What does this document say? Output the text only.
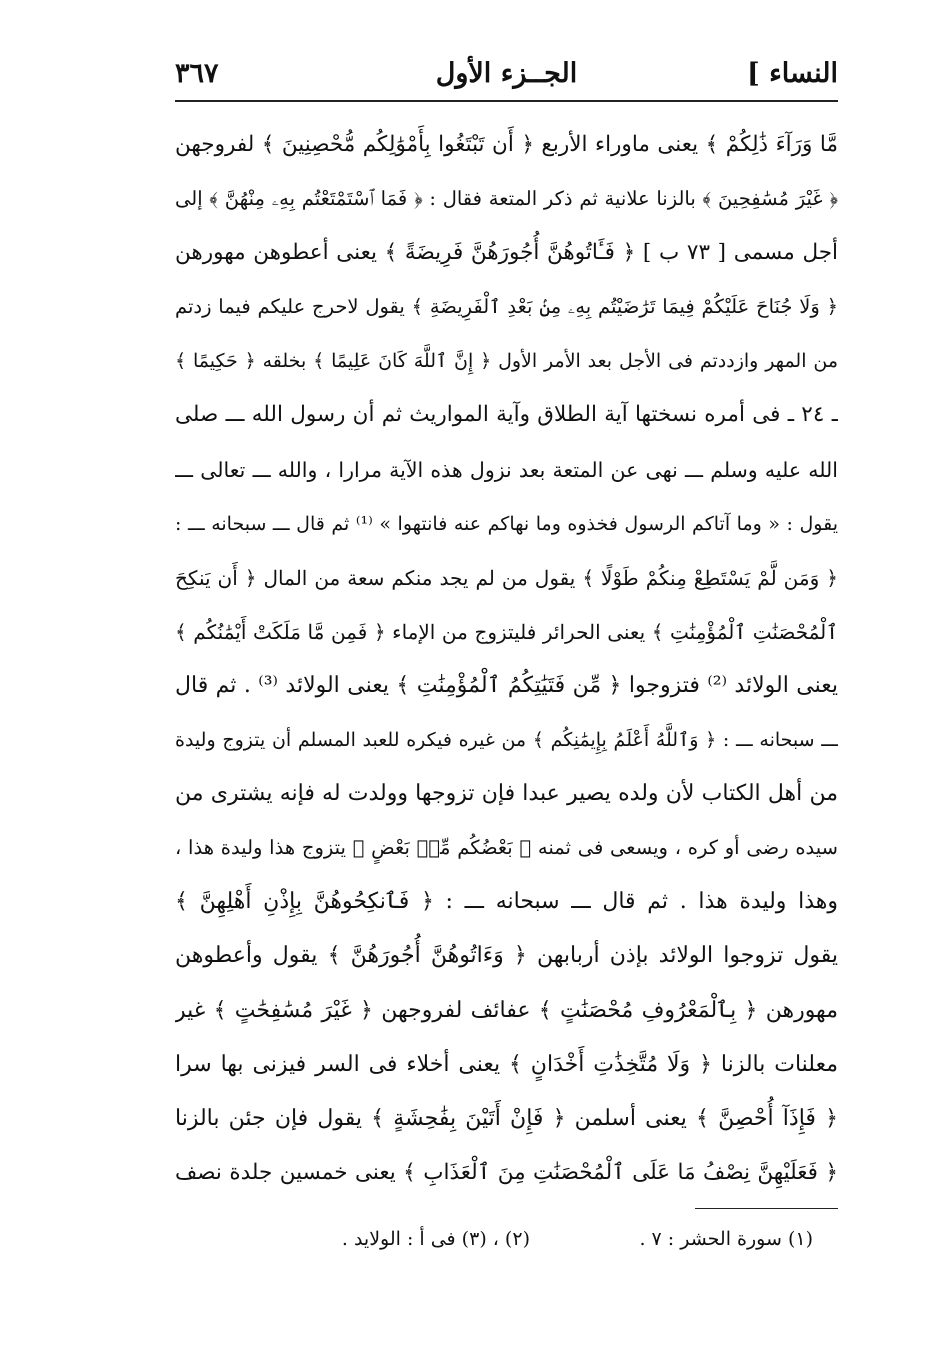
النساء ]
الجــزء الأول
٣٦٧
مَّا وَرَآءَ ذَٰلِكُمْ ﴾ يعنى ماوراء الأربع ﴿ أَن تَبْتَغُوا بِأَمْوَٰلِكُم مُّحْصِنِينَ ﴾ لفروجهن
﴿ غَيْرَ مُسَٰفِحِينَ ﴾ بالزنا علانية ثم ذكر المتعة فقال : ﴿ فَمَا ٱسْتَمْتَعْتُم بِهِۦ مِنْهُنَّ ﴾ إلى
أجل مسمى [ ٧٣ ب ] ﴿ فَـَٔاتُوهُنَّ أُجُورَهُنَّ فَرِيضَةً ﴾ يعنى أعطوهن مهورهن
﴿ وَلَا جُنَاحَ عَلَيْكُمْ فِيمَا تَرَٰضَيْتُم بِهِۦ مِنۢ بَعْدِ ٱلْفَرِيضَةِ ﴾ يقول لاحرج عليكم فيما زدتم
من المهر وازددتم فى الأجل بعد الأمر الأول ﴿ إِنَّ ٱللَّهَ كَانَ عَلِيمًا ﴾ بخلقه ﴿ حَكِيمًا ﴾
ـ ٢٤ ـ فى أمره نسختها آية الطلاق وآية المواريث ثم أن رسول الله ـــ صلى
الله عليه وسلم ـــ نهى عن المتعة بعد نزول هذه الآية مرارا ، والله ـــ تعالى ـــ
يقول : « وما آتاكم الرسول فخذوه وما نهاكم عنه فانتهوا » ⁽¹⁾ ثم قال ـــ سبحانه ـــ :
﴿ وَمَن لَّمْ يَسْتَطِعْ مِنكُمْ طَوْلًا ﴾ يقول من لم يجد منكم سعة من المال ﴿ أَن يَنكِحَ
ٱلْمُحْصَنَٰتِ ٱلْمُؤْمِنَٰتِ ﴾ يعنى الحرائر فليتزوج من الإماء ﴿ فَمِن مَّا مَلَكَتْ أَيْمَٰنُكُم ﴾
يعنى الولائد ⁽²⁾ فتزوجوا ﴿ مِّن فَتَيَٰتِكُمُ ٱلْمُؤْمِنَٰتِ ﴾ يعنى الولائد ⁽³⁾ . ثم قال
ـــ سبحانه ـــ : ﴿ وَٱللَّهُ أَعْلَمُ بِإِيمَٰنِكُم ﴾ من غيره فيكره للعبد المسلم أن يتزوج وليدة
من أهل الكتاب لأن ولده يصير عبدا فإن تزوجها وولدت له فإنه يشترى من
سيده رضى أو كره ، ويسعى فى ثمنه ﴿ بَعْضُكُم مِّنۢ بَعْضٍ ﴾ يتزوج هذا وليدة هذا ،
وهذا وليدة هذا . ثم قال ـــ سبحانه ـــ : ﴿ فَٱنكِحُوهُنَّ بِإِذْنِ أَهْلِهِنَّ ﴾
يقول تزوجوا الولائد بإذن أربابهن ﴿ وَءَاتُوهُنَّ أُجُورَهُنَّ ﴾ يقول وأعطوهن
مهورهن ﴿ بِٱلْمَعْرُوفِ مُحْصَنَٰتٍ ﴾ عفائف لفروجهن ﴿ غَيْرَ مُسَٰفِحَٰتٍ ﴾ غير
معلنات بالزنا ﴿ وَلَا مُتَّخِذَٰتِ أَخْدَانٍ ﴾ يعنى أخلاء فى السر فيزنى بها سرا
﴿ فَإِذَآ أُحْصِنَّ ﴾ يعنى أسلمن ﴿ فَإِنْ أَتَيْنَ بِفَٰحِشَةٍ ﴾ يقول فإن جئن بالزنا
﴿ فَعَلَيْهِنَّ نِصْفُ مَا عَلَى ٱلْمُحْصَنَٰتِ مِنَ ٱلْعَذَابِ ﴾ يعنى خمسين جلدة نصف
(١) سورة الحشر : ٧ .
(٢) ، (٣) فى أ : الولايد .
